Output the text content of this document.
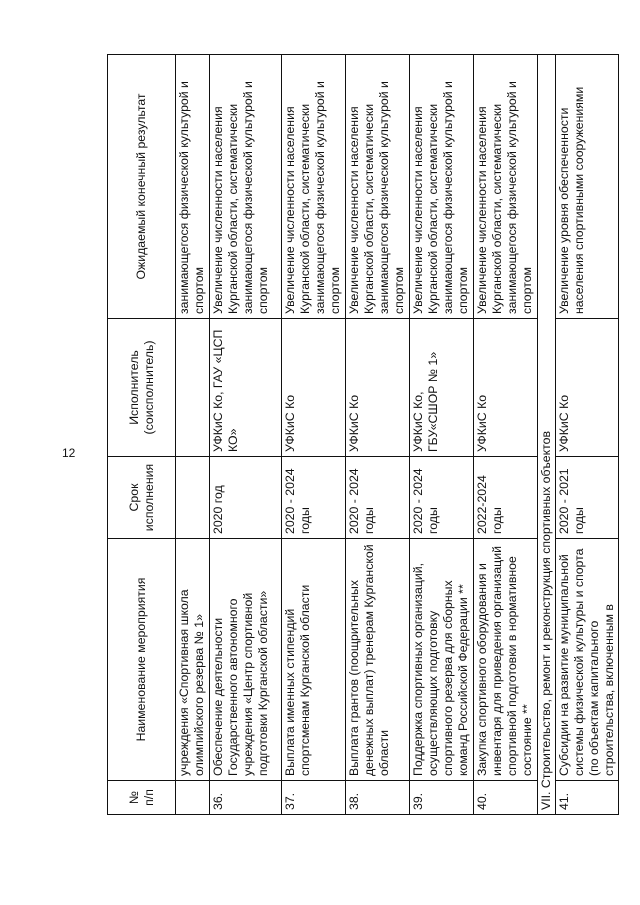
12
№ п/п	Наименование мероприятия	Срок исполнения	Исполнитель (соисполнитель)	Ожидаемый конечный результат
	учреждения «Спортивная школа олимпийского резерва № 1»			занимающегося физической культурой и спортом
36.	Обеспечение деятельности Государственного автономного учреждения «Центр спортивной подготовки Курганской области»	2020 год	УФКиС Ко, ГАУ «ЦСП КО»	Увеличение численности населения Курганской области, систематически занимающегося физической культурой и спортом
37.	Выплата именных стипендий спортсменам Курганской области	2020 - 2024 годы	УФКиС Ко	Увеличение численности населения Курганской области, систематически занимающегося физической культурой и спортом
38.	Выплата грантов (поощрительных денежных выплат) тренерам Курганской области	2020 - 2024 годы	УФКиС Ко	Увеличение численности населения Курганской области, систематически занимающегося физической культурой и спортом
39.	Поддержка спортивных организаций, осуществляющих подготовку спортивного резерва для сборных команд Российской Федерации **	2020 - 2024 годы	УФКиС Ко, ГБУ«СШОР № 1»	Увеличение численности населения Курганской области, систематически занимающегося физической культурой и спортом
40.	Закупка спортивного оборудования и инвентаря для приведения организаций спортивной подготовки в нормативное состояние **	2022-2024 годы	УФКиС Ко	Увеличение численности населения Курганской области, систематически занимающегося физической культурой и спортом
VII. Строительство, ремонт и реконструкция спортивных объектов				
41.	Субсидии на развитие муниципальной системы физической культуры и спорта (по объектам капитального строительства, включенным в	2020 - 2021 годы	УФКиС Ко	Увеличение уровня обеспеченности населения спортивными сооружениями
